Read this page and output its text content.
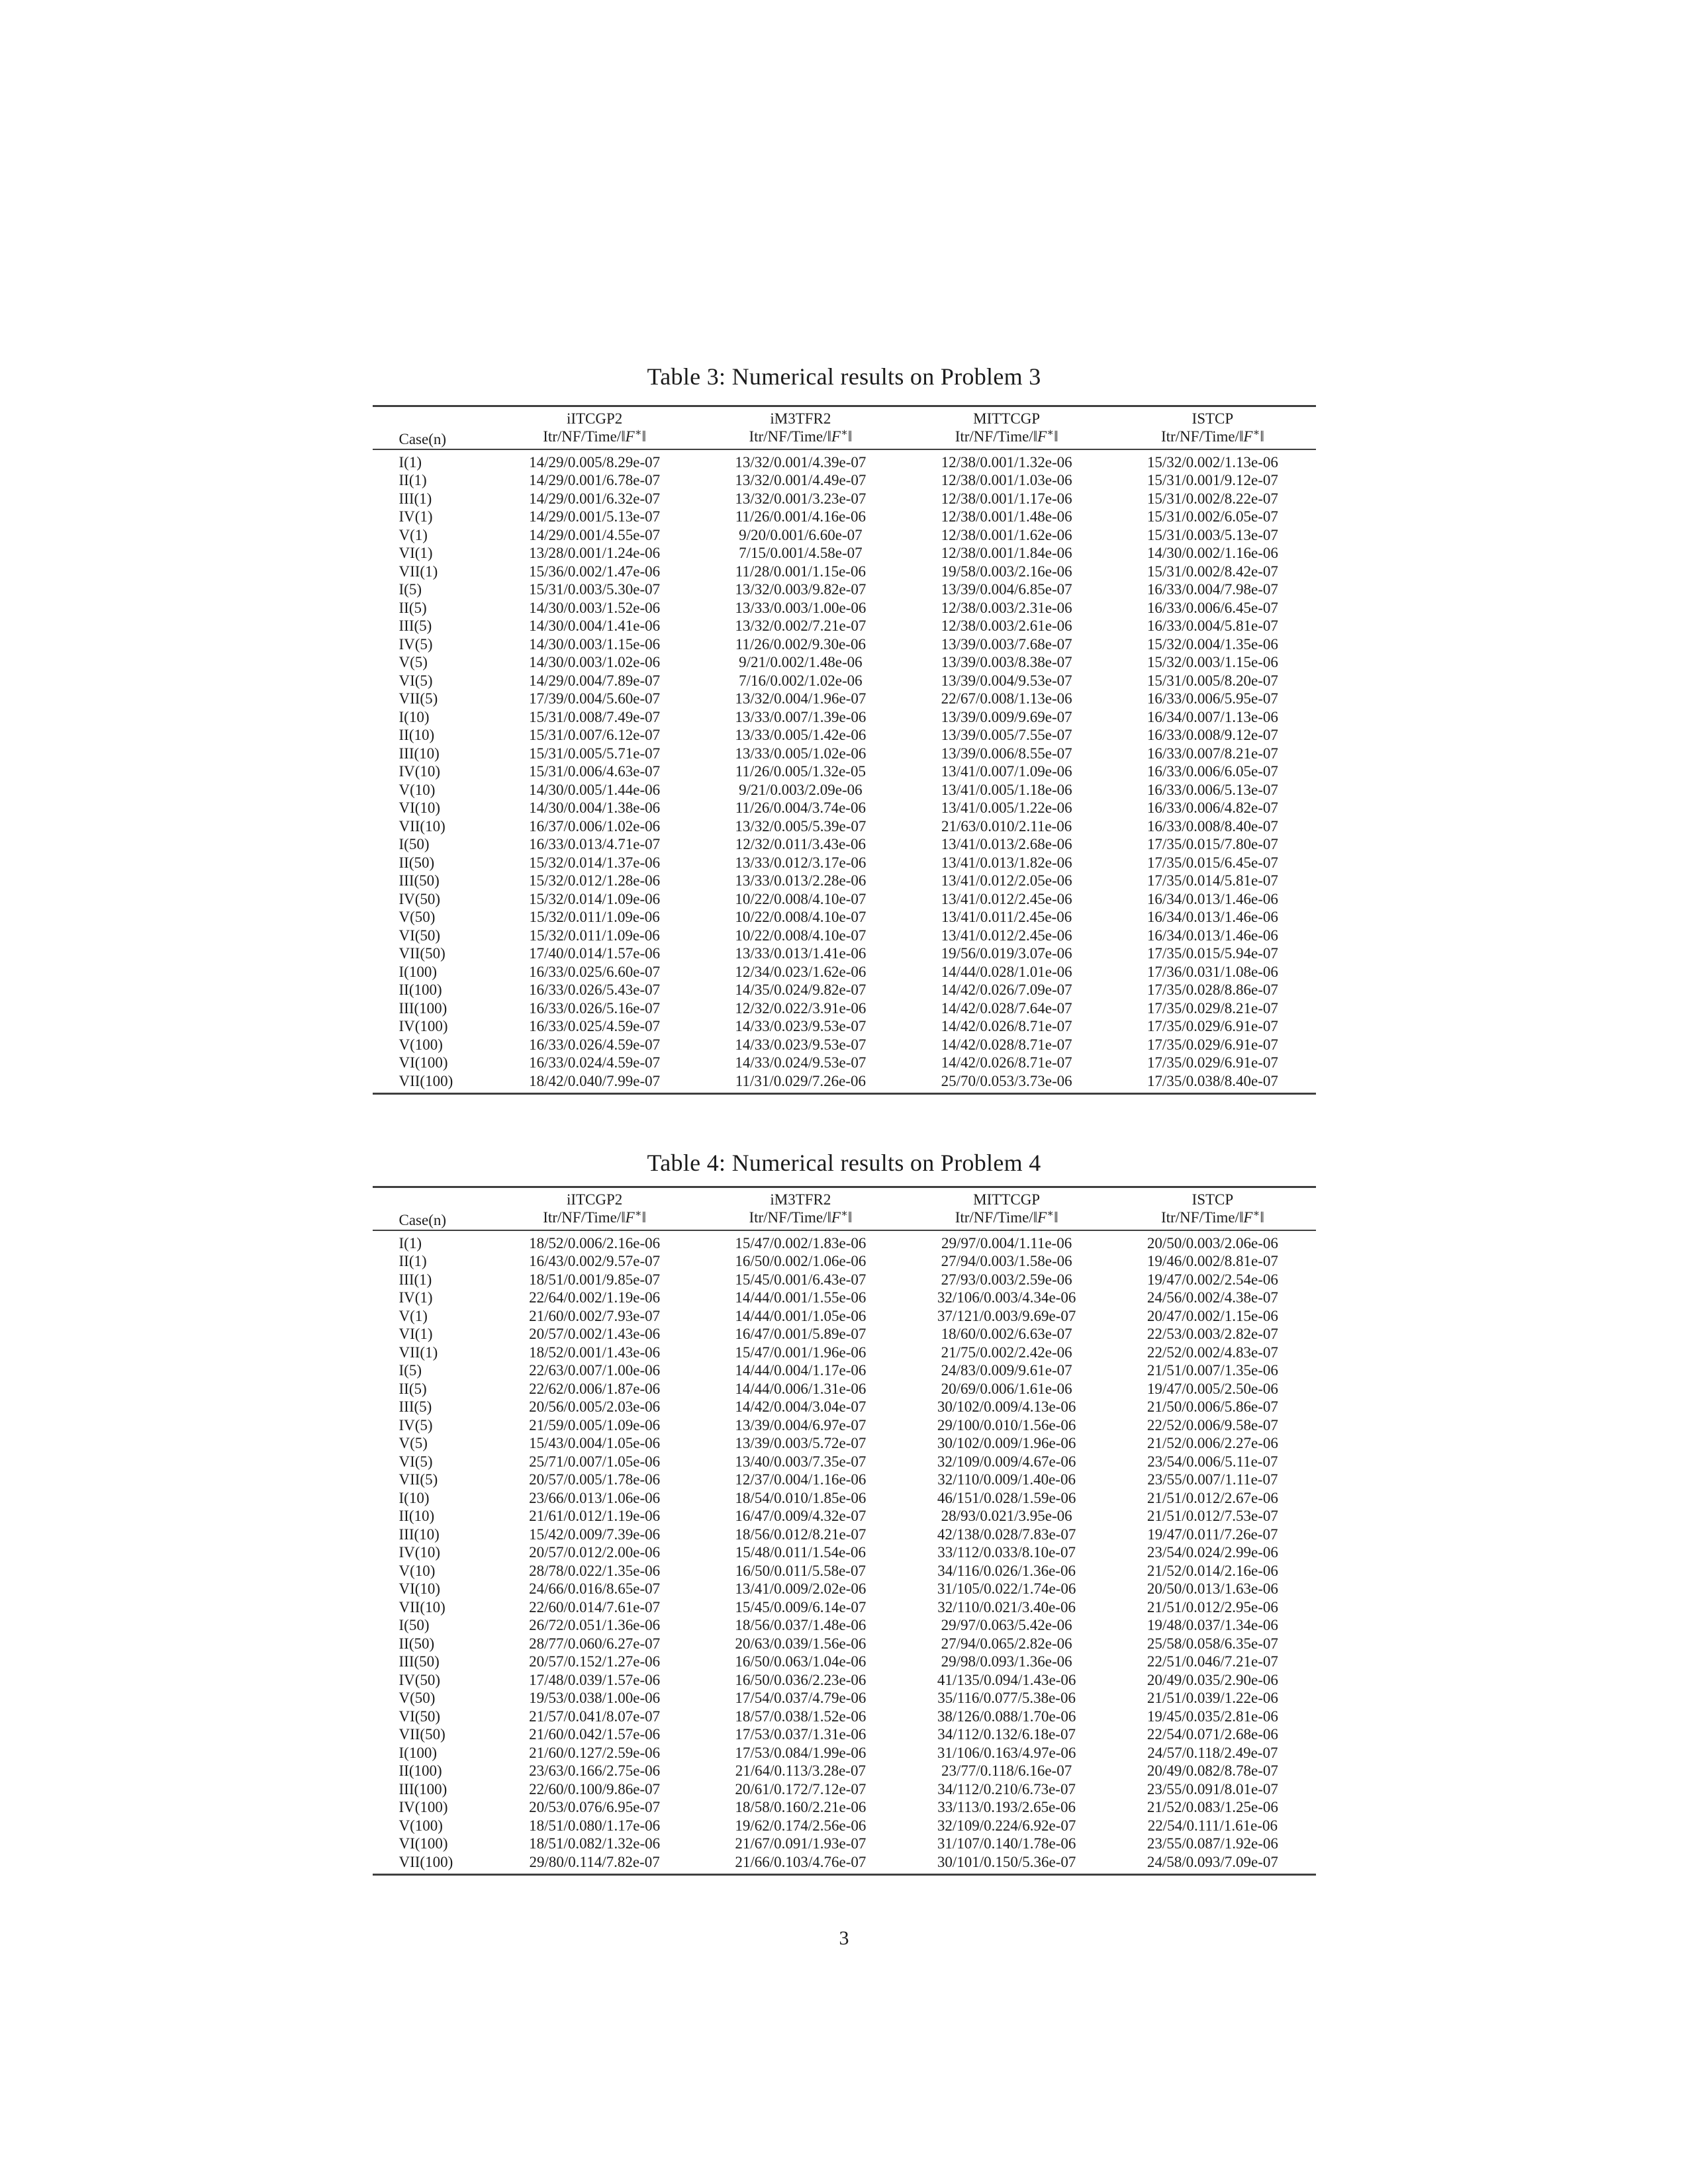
Table 3: Numerical results on Problem 3
Case(n)	iITCGP2	iM3TFR2	MITTCGP	ISTCP
	Itr/NF/Time/‖F∗‖	Itr/NF/Time/‖F∗‖	Itr/NF/Time/‖F∗‖	Itr/NF/Time/‖F∗‖
I(1)	14/29/0.005/8.29e-07	13/32/0.001/4.39e-07	12/38/0.001/1.32e-06	15/32/0.002/1.13e-06
II(1)	14/29/0.001/6.78e-07	13/32/0.001/4.49e-07	12/38/0.001/1.03e-06	15/31/0.001/9.12e-07
III(1)	14/29/0.001/6.32e-07	13/32/0.001/3.23e-07	12/38/0.001/1.17e-06	15/31/0.002/8.22e-07
IV(1)	14/29/0.001/5.13e-07	11/26/0.001/4.16e-06	12/38/0.001/1.48e-06	15/31/0.002/6.05e-07
V(1)	14/29/0.001/4.55e-07	9/20/0.001/6.60e-07	12/38/0.001/1.62e-06	15/31/0.003/5.13e-07
VI(1)	13/28/0.001/1.24e-06	7/15/0.001/4.58e-07	12/38/0.001/1.84e-06	14/30/0.002/1.16e-06
VII(1)	15/36/0.002/1.47e-06	11/28/0.001/1.15e-06	19/58/0.003/2.16e-06	15/31/0.002/8.42e-07
I(5)	15/31/0.003/5.30e-07	13/32/0.003/9.82e-07	13/39/0.004/6.85e-07	16/33/0.004/7.98e-07
II(5)	14/30/0.003/1.52e-06	13/33/0.003/1.00e-06	12/38/0.003/2.31e-06	16/33/0.006/6.45e-07
III(5)	14/30/0.004/1.41e-06	13/32/0.002/7.21e-07	12/38/0.003/2.61e-06	16/33/0.004/5.81e-07
IV(5)	14/30/0.003/1.15e-06	11/26/0.002/9.30e-06	13/39/0.003/7.68e-07	15/32/0.004/1.35e-06
V(5)	14/30/0.003/1.02e-06	9/21/0.002/1.48e-06	13/39/0.003/8.38e-07	15/32/0.003/1.15e-06
VI(5)	14/29/0.004/7.89e-07	7/16/0.002/1.02e-06	13/39/0.004/9.53e-07	15/31/0.005/8.20e-07
VII(5)	17/39/0.004/5.60e-07	13/32/0.004/1.96e-07	22/67/0.008/1.13e-06	16/33/0.006/5.95e-07
I(10)	15/31/0.008/7.49e-07	13/33/0.007/1.39e-06	13/39/0.009/9.69e-07	16/34/0.007/1.13e-06
II(10)	15/31/0.007/6.12e-07	13/33/0.005/1.42e-06	13/39/0.005/7.55e-07	16/33/0.008/9.12e-07
III(10)	15/31/0.005/5.71e-07	13/33/0.005/1.02e-06	13/39/0.006/8.55e-07	16/33/0.007/8.21e-07
IV(10)	15/31/0.006/4.63e-07	11/26/0.005/1.32e-05	13/41/0.007/1.09e-06	16/33/0.006/6.05e-07
V(10)	14/30/0.005/1.44e-06	9/21/0.003/2.09e-06	13/41/0.005/1.18e-06	16/33/0.006/5.13e-07
VI(10)	14/30/0.004/1.38e-06	11/26/0.004/3.74e-06	13/41/0.005/1.22e-06	16/33/0.006/4.82e-07
VII(10)	16/37/0.006/1.02e-06	13/32/0.005/5.39e-07	21/63/0.010/2.11e-06	16/33/0.008/8.40e-07
I(50)	16/33/0.013/4.71e-07	12/32/0.011/3.43e-06	13/41/0.013/2.68e-06	17/35/0.015/7.80e-07
II(50)	15/32/0.014/1.37e-06	13/33/0.012/3.17e-06	13/41/0.013/1.82e-06	17/35/0.015/6.45e-07
III(50)	15/32/0.012/1.28e-06	13/33/0.013/2.28e-06	13/41/0.012/2.05e-06	17/35/0.014/5.81e-07
IV(50)	15/32/0.014/1.09e-06	10/22/0.008/4.10e-07	13/41/0.012/2.45e-06	16/34/0.013/1.46e-06
V(50)	15/32/0.011/1.09e-06	10/22/0.008/4.10e-07	13/41/0.011/2.45e-06	16/34/0.013/1.46e-06
VI(50)	15/32/0.011/1.09e-06	10/22/0.008/4.10e-07	13/41/0.012/2.45e-06	16/34/0.013/1.46e-06
VII(50)	17/40/0.014/1.57e-06	13/33/0.013/1.41e-06	19/56/0.019/3.07e-06	17/35/0.015/5.94e-07
I(100)	16/33/0.025/6.60e-07	12/34/0.023/1.62e-06	14/44/0.028/1.01e-06	17/36/0.031/1.08e-06
II(100)	16/33/0.026/5.43e-07	14/35/0.024/9.82e-07	14/42/0.026/7.09e-07	17/35/0.028/8.86e-07
III(100)	16/33/0.026/5.16e-07	12/32/0.022/3.91e-06	14/42/0.028/7.64e-07	17/35/0.029/8.21e-07
IV(100)	16/33/0.025/4.59e-07	14/33/0.023/9.53e-07	14/42/0.026/8.71e-07	17/35/0.029/6.91e-07
V(100)	16/33/0.026/4.59e-07	14/33/0.023/9.53e-07	14/42/0.028/8.71e-07	17/35/0.029/6.91e-07
VI(100)	16/33/0.024/4.59e-07	14/33/0.024/9.53e-07	14/42/0.026/8.71e-07	17/35/0.029/6.91e-07
VII(100)	18/42/0.040/7.99e-07	11/31/0.029/7.26e-06	25/70/0.053/3.73e-06	17/35/0.038/8.40e-07
Table 4: Numerical results on Problem 4
Case(n)	iITCGP2	iM3TFR2	MITTCGP	ISTCP
	Itr/NF/Time/‖F∗‖	Itr/NF/Time/‖F∗‖	Itr/NF/Time/‖F∗‖	Itr/NF/Time/‖F∗‖
I(1)	18/52/0.006/2.16e-06	15/47/0.002/1.83e-06	29/97/0.004/1.11e-06	20/50/0.003/2.06e-06
II(1)	16/43/0.002/9.57e-07	16/50/0.002/1.06e-06	27/94/0.003/1.58e-06	19/46/0.002/8.81e-07
III(1)	18/51/0.001/9.85e-07	15/45/0.001/6.43e-07	27/93/0.003/2.59e-06	19/47/0.002/2.54e-06
IV(1)	22/64/0.002/1.19e-06	14/44/0.001/1.55e-06	32/106/0.003/4.34e-06	24/56/0.002/4.38e-07
V(1)	21/60/0.002/7.93e-07	14/44/0.001/1.05e-06	37/121/0.003/9.69e-07	20/47/0.002/1.15e-06
VI(1)	20/57/0.002/1.43e-06	16/47/0.001/5.89e-07	18/60/0.002/6.63e-07	22/53/0.003/2.82e-07
VII(1)	18/52/0.001/1.43e-06	15/47/0.001/1.96e-06	21/75/0.002/2.42e-06	22/52/0.002/4.83e-07
I(5)	22/63/0.007/1.00e-06	14/44/0.004/1.17e-06	24/83/0.009/9.61e-07	21/51/0.007/1.35e-06
II(5)	22/62/0.006/1.87e-06	14/44/0.006/1.31e-06	20/69/0.006/1.61e-06	19/47/0.005/2.50e-06
III(5)	20/56/0.005/2.03e-06	14/42/0.004/3.04e-07	30/102/0.009/4.13e-06	21/50/0.006/5.86e-07
IV(5)	21/59/0.005/1.09e-06	13/39/0.004/6.97e-07	29/100/0.010/1.56e-06	22/52/0.006/9.58e-07
V(5)	15/43/0.004/1.05e-06	13/39/0.003/5.72e-07	30/102/0.009/1.96e-06	21/52/0.006/2.27e-06
VI(5)	25/71/0.007/1.05e-06	13/40/0.003/7.35e-07	32/109/0.009/4.67e-06	23/54/0.006/5.11e-07
VII(5)	20/57/0.005/1.78e-06	12/37/0.004/1.16e-06	32/110/0.009/1.40e-06	23/55/0.007/1.11e-07
I(10)	23/66/0.013/1.06e-06	18/54/0.010/1.85e-06	46/151/0.028/1.59e-06	21/51/0.012/2.67e-06
II(10)	21/61/0.012/1.19e-06	16/47/0.009/4.32e-07	28/93/0.021/3.95e-06	21/51/0.012/7.53e-07
III(10)	15/42/0.009/7.39e-06	18/56/0.012/8.21e-07	42/138/0.028/7.83e-07	19/47/0.011/7.26e-07
IV(10)	20/57/0.012/2.00e-06	15/48/0.011/1.54e-06	33/112/0.033/8.10e-07	23/54/0.024/2.99e-06
V(10)	28/78/0.022/1.35e-06	16/50/0.011/5.58e-07	34/116/0.026/1.36e-06	21/52/0.014/2.16e-06
VI(10)	24/66/0.016/8.65e-07	13/41/0.009/2.02e-06	31/105/0.022/1.74e-06	20/50/0.013/1.63e-06
VII(10)	22/60/0.014/7.61e-07	15/45/0.009/6.14e-07	32/110/0.021/3.40e-06	21/51/0.012/2.95e-06
I(50)	26/72/0.051/1.36e-06	18/56/0.037/1.48e-06	29/97/0.063/5.42e-06	19/48/0.037/1.34e-06
II(50)	28/77/0.060/6.27e-07	20/63/0.039/1.56e-06	27/94/0.065/2.82e-06	25/58/0.058/6.35e-07
III(50)	20/57/0.152/1.27e-06	16/50/0.063/1.04e-06	29/98/0.093/1.36e-06	22/51/0.046/7.21e-07
IV(50)	17/48/0.039/1.57e-06	16/50/0.036/2.23e-06	41/135/0.094/1.43e-06	20/49/0.035/2.90e-06
V(50)	19/53/0.038/1.00e-06	17/54/0.037/4.79e-06	35/116/0.077/5.38e-06	21/51/0.039/1.22e-06
VI(50)	21/57/0.041/8.07e-07	18/57/0.038/1.52e-06	38/126/0.088/1.70e-06	19/45/0.035/2.81e-06
VII(50)	21/60/0.042/1.57e-06	17/53/0.037/1.31e-06	34/112/0.132/6.18e-07	22/54/0.071/2.68e-06
I(100)	21/60/0.127/2.59e-06	17/53/0.084/1.99e-06	31/106/0.163/4.97e-06	24/57/0.118/2.49e-07
II(100)	23/63/0.166/2.75e-06	21/64/0.113/3.28e-07	23/77/0.118/6.16e-07	20/49/0.082/8.78e-07
III(100)	22/60/0.100/9.86e-07	20/61/0.172/7.12e-07	34/112/0.210/6.73e-07	23/55/0.091/8.01e-07
IV(100)	20/53/0.076/6.95e-07	18/58/0.160/2.21e-06	33/113/0.193/2.65e-06	21/52/0.083/1.25e-06
V(100)	18/51/0.080/1.17e-06	19/62/0.174/2.56e-06	32/109/0.224/6.92e-07	22/54/0.111/1.61e-06
VI(100)	18/51/0.082/1.32e-06	21/67/0.091/1.93e-07	31/107/0.140/1.78e-06	23/55/0.087/1.92e-06
VII(100)	29/80/0.114/7.82e-07	21/66/0.103/4.76e-07	30/101/0.150/5.36e-07	24/58/0.093/7.09e-07
3
